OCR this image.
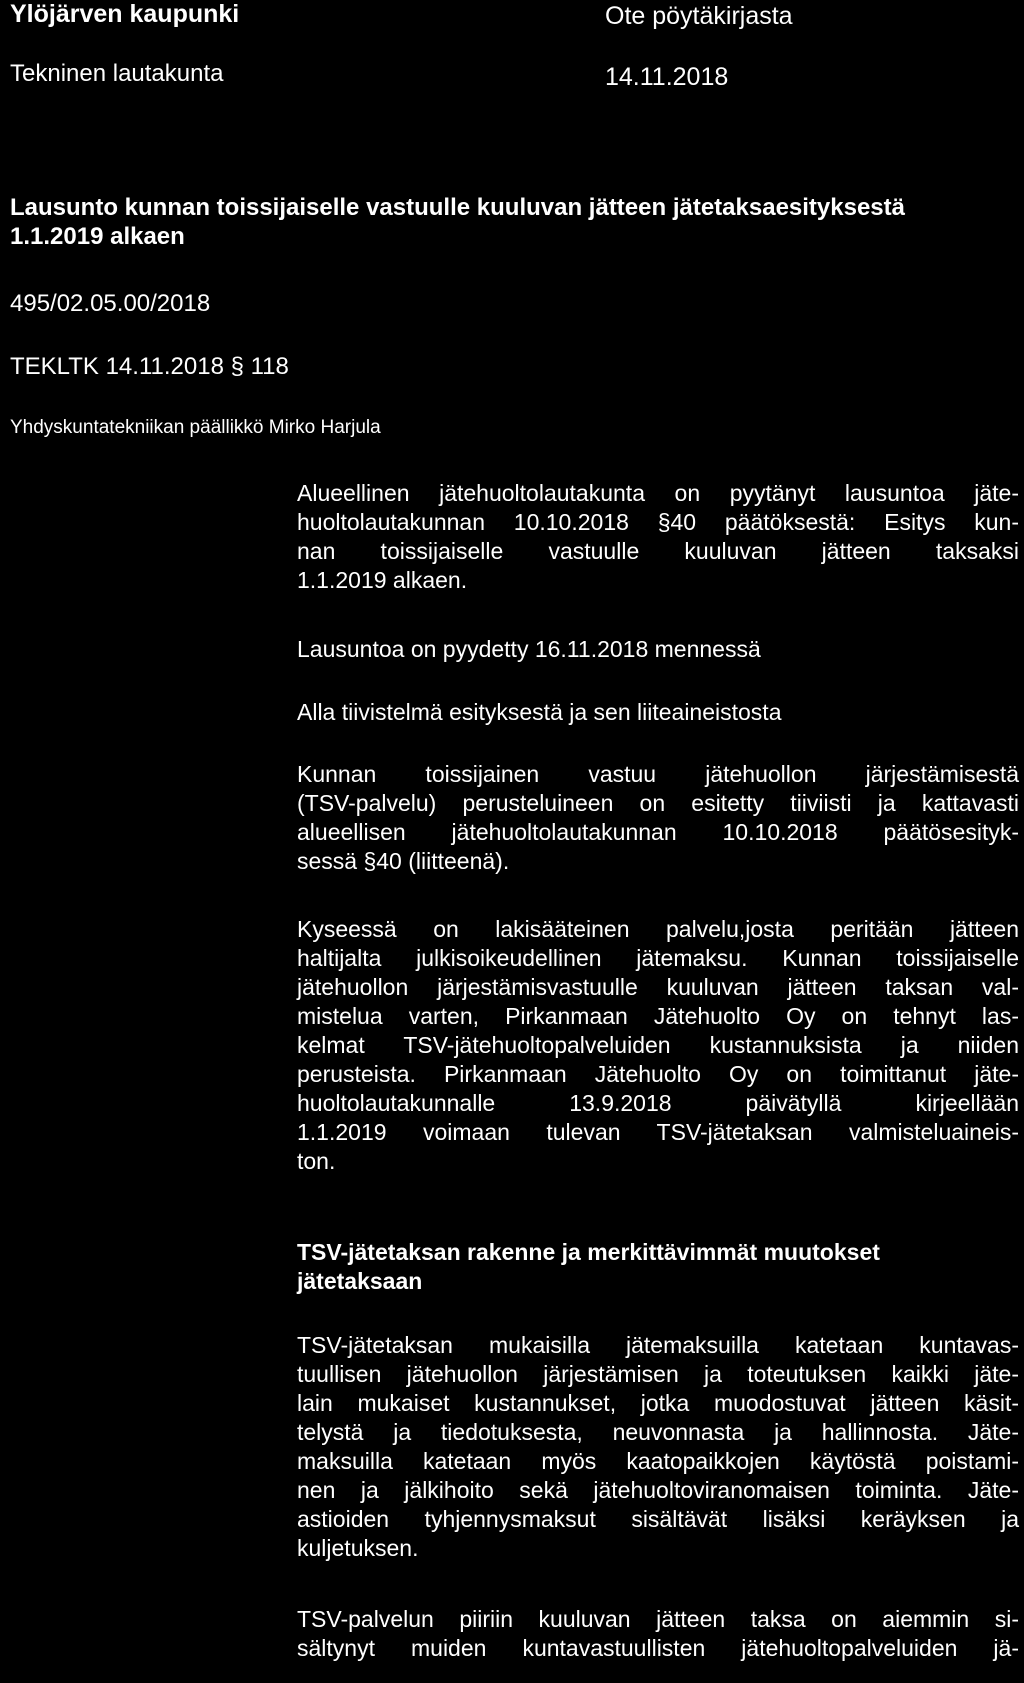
Ylöjärven kaupunki
Tekninen lautakunta
Ote pöytäkirjasta
14.11.2018
Lausunto kunnan toissijaiselle vastuulle kuuluvan jätteen jätetaksaesityksestä
1.1.2019 alkaen
495/02.05.00/2018
TEKLTK 14.11.2018 § 118
Yhdyskuntatekniikan päällikkö Mirko Harjula

Alueellinen jätehuoltolautakunta on pyytänyt lausuntoa jäte-
huoltolautakunnan 10.10.2018 §40 päätöksestä: Esitys kun-
nan toissijaiselle vastuulle kuuluvan jätteen taksaksi
1.1.2019 alkaen.

Lausuntoa on pyydetty 16.11.2018 mennessä

Alla tiivistelmä esityksestä ja sen liiteaineistosta

Kunnan toissijainen vastuu jätehuollon järjestämisestä
(TSV-palvelu) perusteluineen on esitetty tiiviisti ja kattavasti
alueellisen jätehuoltolautakunnan 10.10.2018 päätösesityk-
sessä §40 (liitteenä).

Kyseessä on lakisääteinen palvelu,josta peritään jätteen
haltijalta julkisoikeudellinen jätemaksu. Kunnan toissijaiselle
jätehuollon järjestämisvastuulle kuuluvan jätteen taksan val-
mistelua varten, Pirkanmaan Jätehuolto Oy on tehnyt las-
kelmat TSV-jätehuoltopalveluiden kustannuksista ja niiden
perusteista. Pirkanmaan Jätehuolto Oy on toimittanut jäte-
huoltolautakunnalle 13.9.2018 päivätyllä kirjeellään
1.1.2019 voimaan tulevan TSV-jätetaksan valmisteluaineis-
ton.

TSV-jätetaksan rakenne ja merkittävimmät muutokset
jätetaksaan

TSV-jätetaksan mukaisilla jätemaksuilla katetaan kuntavas-
tuullisen jätehuollon järjestämisen ja toteutuksen kaikki jäte-
lain mukaiset kustannukset, jotka muodostuvat jätteen käsit-
telystä ja tiedotuksesta, neuvonnasta ja hallinnosta. Jäte-
maksuilla katetaan myös kaatopaikkojen käytöstä poistami-
nen ja jälkihoito sekä jätehuoltoviranomaisen toiminta. Jäte-
astioiden tyhjennysmaksut sisältävät lisäksi keräyksen ja
kuljetuksen.

TSV-palvelun piiriin kuuluvan jätteen taksa on aiemmin si-
sältynyt muiden kuntavastuullisten jätehuoltopalveluiden jä-
